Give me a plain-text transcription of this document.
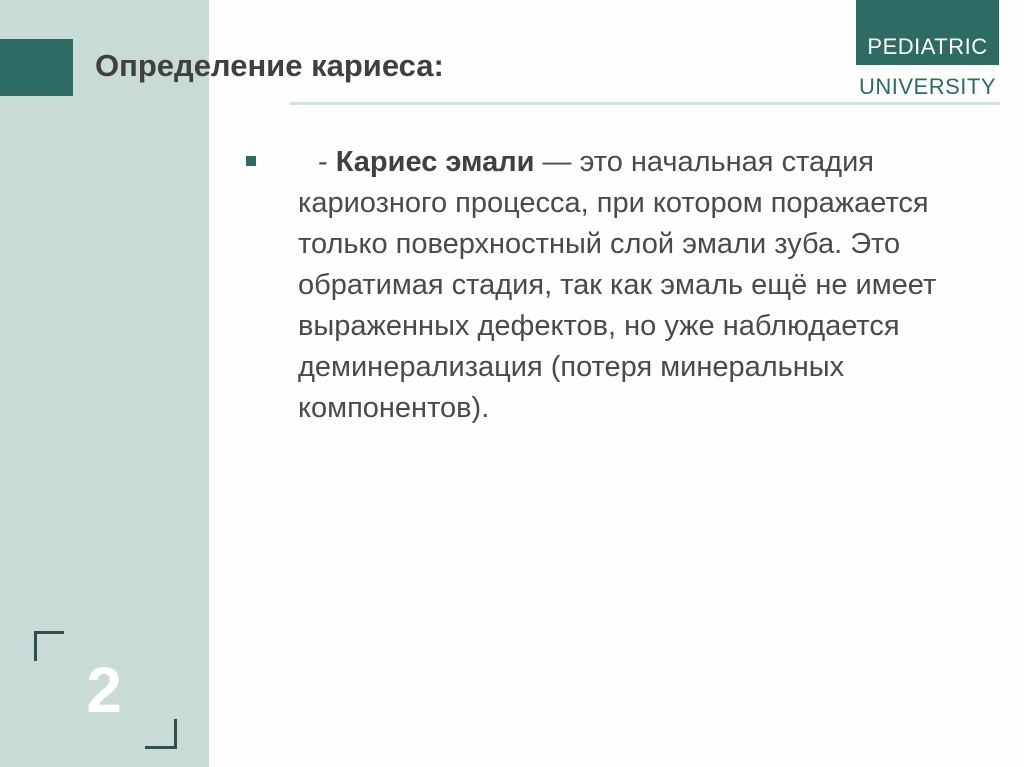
Определение кариеса:
PEDIATRIC
UNIVERSITY
- Кариес эмали — это начальная стадия кариозного процесса, при котором поражается только поверхностный слой эмали зуба. Это обратимая стадия, так как эмаль ещё не имеет выраженных дефектов, но уже наблюдается деминерализация (потеря минеральных компонентов).
2
